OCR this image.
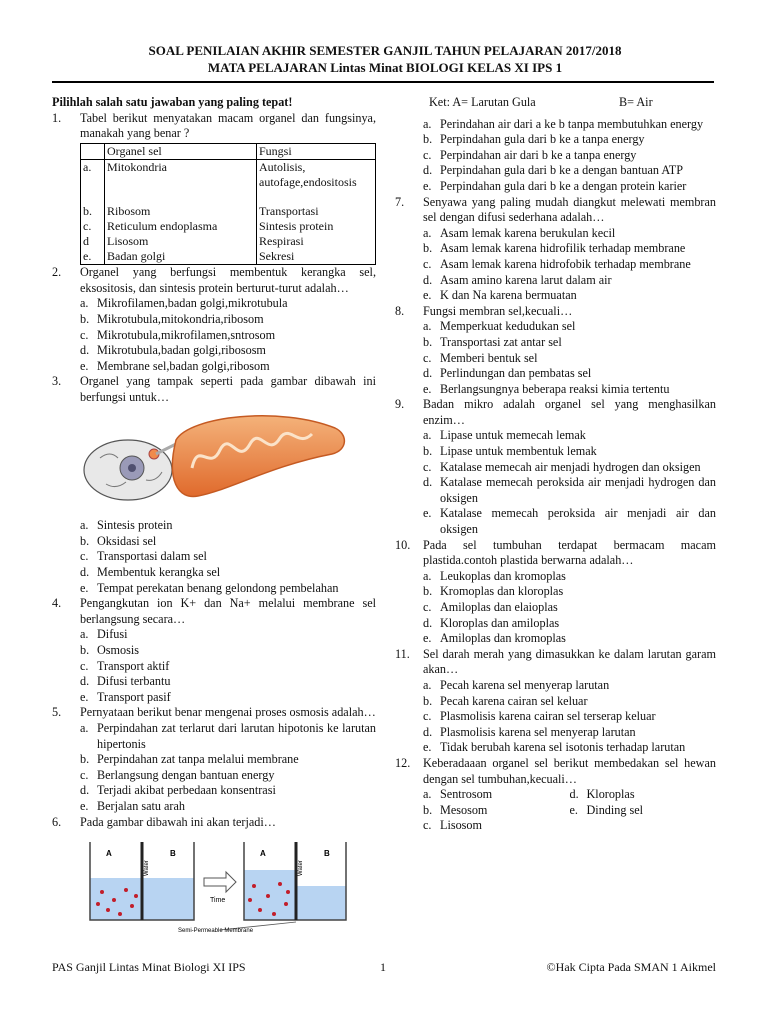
SOAL PENILAIAN AKHIR SEMESTER GANJIL TAHUN PELAJARAN 2017/2018
MATA PELAJARAN Lintas Minat BIOLOGI KELAS XI IPS 1
Pilihlah salah satu jawaban yang paling tepat!
1.	Tabel berikut menyatakan macam organel dan fungsinya, manakah yang benar ?
	Organel sel	Fungsi
a.	Mitokondria	Autolisis, autofage,endositosis
b.	Ribosom	Transportasi
c.	Reticulum endoplasma	Sintesis protein
d	Lisosom	Respirasi
e.	Badan golgi	Sekresi
2.	Organel yang berfungsi membentuk kerangka sel, eksositosis, dan sintesis protein berturut-turut adalah…
a. Mikrofilamen,badan golgi,mikrotubula
b. Mikrotubula,mitokondria,ribosom
c. Mikrotubula,mikrofilamen,sntrosom
d. Mikrotubula,badan golgi,ribososm
e. Membrane sel,badan golgi,ribosom
3.	Organel yang tampak seperti pada gambar dibawah ini berfungsi untuk…
a. Sintesis protein
b. Oksidasi sel
c. Transportasi dalam sel
d. Membentuk kerangka sel
e. Tempat perekatan benang gelondong pembelahan
4.	Pengangkutan ion K+ dan Na+ melalui membrane sel berlangsung secara…
a. Difusi
b. Osmosis
c. Transport aktif
d. Difusi terbantu
e. Transport pasif
5.	Pernyataan berikut benar mengenai proses osmosis adalah…
a. Perpindahan zat terlarut dari larutan hipotonis ke larutan hipertonis
b. Perpindahan zat tanpa melalui membrane
c. Berlangsung dengan bantuan energy
d. Terjadi akibat perbedaan konsentrasi
e. Berjalan satu arah
6.	Pada gambar dibawah ini akan terjadi…
A	B
Water
Time
A	B
Water
Semi-Permeable Membrane
Ket: A= Larutan Gula	B= Air
a. Perindahan air dari a ke b tanpa membutuhkan energy
b. Perpindahan gula dari b ke a tanpa energy
c. Perpindahan air dari b ke a tanpa energy
d. Perpindahan gula dari b ke a dengan bantuan ATP
e. Perpindahan gula dari b ke a dengan protein karier
7.	Senyawa yang paling mudah diangkut melewati membran sel dengan difusi sederhana adalah…
a. Asam lemak karena berukulan kecil
b. Asam lemak karena hidrofilik terhadap membrane
c. Asam lemak karena hidrofobik terhadap membrane
d. Asam amino karena larut dalam air
e. K dan Na karena bermuatan
8.	Fungsi membran sel,kecuali…
a. Memperkuat kedudukan sel
b. Transportasi zat antar sel
c. Memberi bentuk sel
d. Perlindungan dan pembatas sel
e. Berlangsungnya beberapa reaksi kimia tertentu
9.	Badan mikro adalah organel sel yang menghasilkan enzim…
a. Lipase untuk memecah lemak
b. Lipase untuk membentuk lemak
c. Katalase memecah air menjadi hydrogen dan oksigen
d. Katalase memecah peroksida air menjadi hydrogen dan oksigen
e. Katalase memecah peroksida air menjadi air dan oksigen
10.	Pada sel tumbuhan terdapat bermacam macam plastida.contoh plastida berwarna adalah…
a. Leukoplas dan kromoplas
b. Kromoplas dan kloroplas
c. Amiloplas dan elaioplas
d. Kloroplas dan amiloplas
e. Amiloplas dan kromoplas
11.	Sel darah merah yang dimasukkan ke dalam larutan garam akan…
a. Pecah karena sel menyerap larutan
b. Pecah karena cairan sel keluar
c. Plasmolisis karena cairan sel terserap keluar
d. Plasmolisis karena sel menyerap larutan
e. Tidak berubah karena sel isotonis terhadap larutan
12.	Keberadaaan organel sel berikut membedakan sel hewan dengan sel tumbuhan,kecuali…
a. Sentrosom	d. Kloroplas
b. Mesosom	e. Dinding sel
c. Lisosom
PAS Ganjil Lintas Minat Biologi XI IPS	1	©Hak Cipta Pada SMAN 1 Aikmel
